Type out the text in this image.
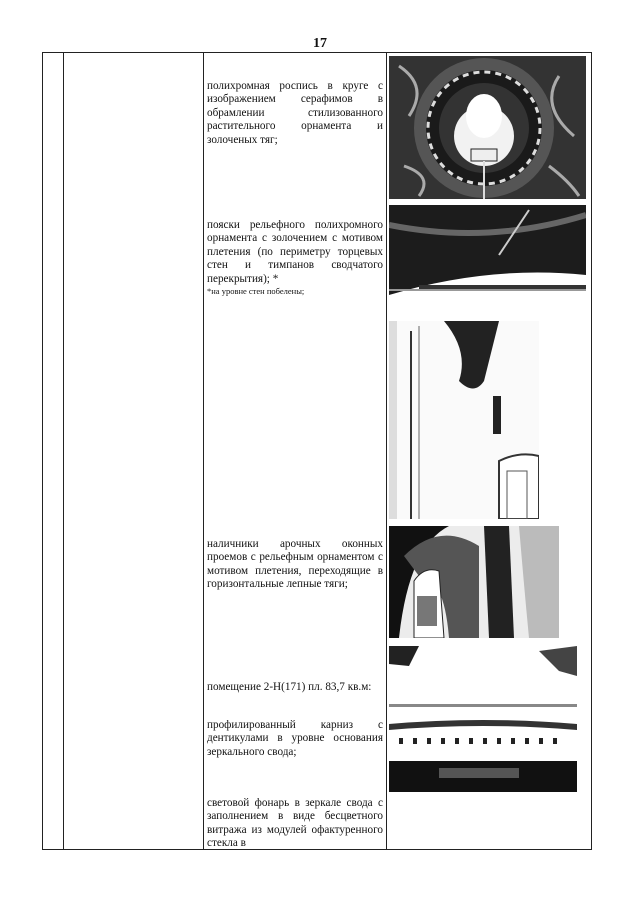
17

полихромная роспись в круге с изображением серафимов в обрамлении стилизованного растительного орнамента и золоченых тяг;

пояски рельефного полихромного орнамента с золочением с мотивом плетения (по периметру торцевых стен и тимпанов сводчатого перекрытия); *

*на уровне стен побелены;

наличники арочных оконных проемов с рельефным орнаментом с мотивом плетения, переходящие в горизонтальные лепные тяги;

помещение 2-Н(171) пл. 83,7 кв.м:

профилированный карниз с дентикулами в уровне основания зеркального свода;

световой фонарь в зеркале свода с заполнением в виде бесцветного витража из модулей офактуренного стекла в
